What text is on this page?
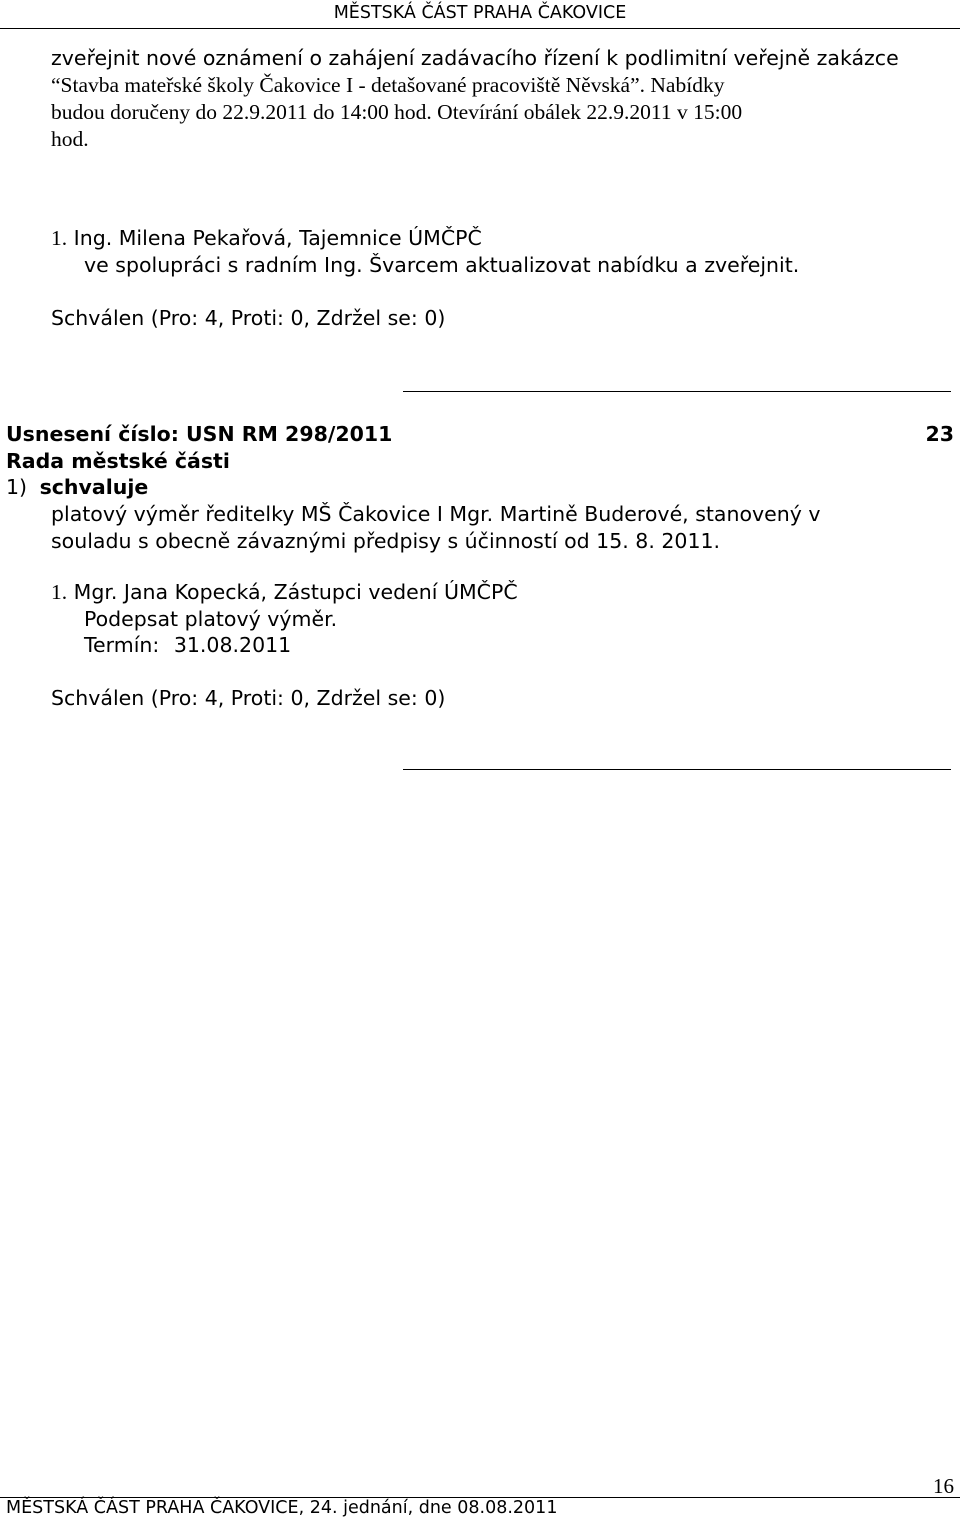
MĚSTSKÁ ČÁST PRAHA ČAKOVICE
zveřejnit nové oznámení o zahájení zadávacího řízení k podlimitní veřejně zakázce
“Stavba mateřské školy Čakovice I - detašované pracoviště Něvská”. Nabídky
budou doručeny do 22.9.2011 do 14:00 hod. Otevírání obálek 22.9.2011 v 15:00
hod.
1. Ing. Milena Pekařová, Tajemnice ÚMČPČ
ve spolupráci s radním Ing. Švarcem aktualizovat nabídku a zveřejnit.
Schválen (Pro: 4, Proti: 0, Zdržel se: 0)
Usnesení číslo: USN RM 298/2011	23
Rada městské části
1) schvaluje
platový výměr ředitelky MŠ Čakovice I Mgr. Martině Buderové, stanovený v
souladu s obecně závaznými předpisy s účinností od 15. 8. 2011.
1. Mgr. Jana Kopecká, Zástupci vedení ÚMČPČ
Podepsat platový výměr.
Termín: 31.08.2011
Schválen (Pro: 4, Proti: 0, Zdržel se: 0)
16
MĚSTSKÁ ČÁST PRAHA ČAKOVICE, 24. jednání, dne 08.08.2011
